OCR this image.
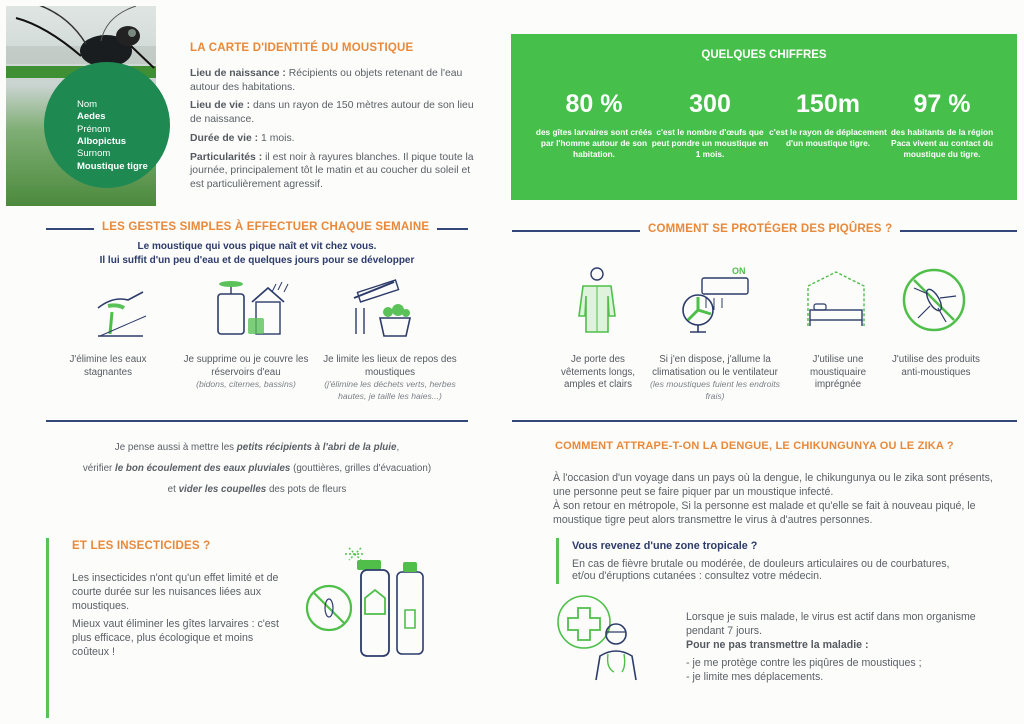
Nom
Aedes
Prénom
Albopictus
Surnom
Moustique tigre
LA CARTE D'IDENTITÉ DU MOUSTIQUE

Lieu de naissance : Récipients ou objets retenant de l'eau autour des habitations.

Lieu de vie : dans un rayon de 150 mètres autour de son lieu de naissance.

Durée de vie : 1 mois.

Particularités : il est noir à rayures blanches. Il pique toute la journée, principalement tôt le matin et au coucher du soleil et est particulièrement agressif.

QUELQUES CHIFFRES
80 %	300	150m	97 %
des gîtes larvaires sont créés par l'homme autour de son habitation.
c'est le nombre d'œufs que peut pondre un moustique en 1 mois.
c'est le rayon de déplacement d'un moustique tigre.
des habitants de la région Paca vivent au contact du moustique du tigre.
LES GESTES SIMPLES À EFFECTUER CHAQUE SEMAINE
Le moustique qui vous pique naît et vit chez vous.
Il lui suffit d'un peu d'eau et de quelques jours pour se développer
J'élimine les eaux stagnantes
Je supprime ou je couvre les réservoirs d'eau
(bidons, citernes, bassins)
Je limite les lieux de repos des moustiques
(j'élimine les déchets verts, herbes hautes, je taille les haies...)
Je pense aussi à mettre les petits récipients à l'abri de la pluie,
vérifier le bon écoulement des eaux pluviales (gouttières, grilles d'évacuation)
et vider les coupelles des pots de fleurs
COMMENT SE PROTÉGER DES PIQÛRES ?
ON
Je porte des vêtements longs, amples et clairs
Si j'en dispose, j'allume la climatisation ou le ventilateur
(les moustiques fuient les endroits frais)
J'utilise une moustiquaire imprégnée
J'utilise des produits anti-moustiques
ET LES INSECTICIDES ?

Les insecticides n'ont qu'un effet limité et de courte durée sur les nuisances liées aux moustiques.

Mieux vaut éliminer les gîtes larvaires : c'est plus efficace, plus écologique et moins coûteux !

COMMENT ATTRAPE-T-ON LA DENGUE, LE CHIKUNGUNYA OU LE ZIKA ?

À l'occasion d'un voyage dans un pays où la dengue, le chikungunya ou le zika sont présents, une personne peut se faire piquer par un moustique infecté.

À son retour en métropole, Si la personne est malade et qu'elle se fait à nouveau piqué, le moustique tigre peut alors transmettre le virus à d'autres personnes.

Vous revenez d'une zone tropicale ?
En cas de fièvre brutale ou modérée, de douleurs articulaires ou de courbatures, et/ou d'éruptions cutanées : consultez votre médecin.

Lorsque je suis malade, le virus est actif dans mon organisme pendant 7 jours.

Pour ne pas transmettre la maladie :

- je me protège contre les piqûres de moustiques ;

- je limite mes déplacements.
